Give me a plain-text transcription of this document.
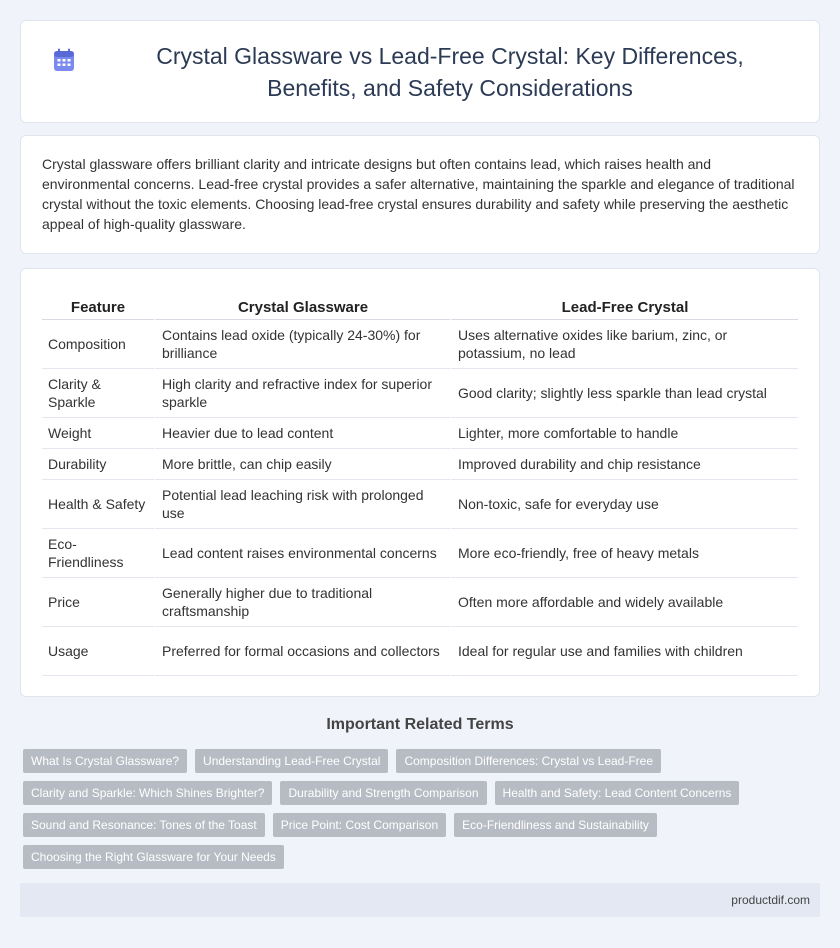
Crystal Glassware vs Lead-Free Crystal: Key Differences, Benefits, and Safety Considerations

Crystal glassware offers brilliant clarity and intricate designs but often contains lead, which raises health and environmental concerns. Lead-free crystal provides a safer alternative, maintaining the sparkle and elegance of traditional crystal without the toxic elements. Choosing lead-free crystal ensures durability and safety while preserving the aesthetic appeal of high-quality glassware.

Feature	Crystal Glassware	Lead-Free Crystal
Composition	Contains lead oxide (typically 24-30%) for brilliance	Uses alternative oxides like barium, zinc, or potassium, no lead
Clarity & Sparkle	High clarity and refractive index for superior sparkle	Good clarity; slightly less sparkle than lead crystal
Weight	Heavier due to lead content	Lighter, more comfortable to handle
Durability	More brittle, can chip easily	Improved durability and chip resistance
Health & Safety	Potential lead leaching risk with prolonged use	Non-toxic, safe for everyday use
Eco-Friendliness	Lead content raises environmental concerns	More eco-friendly, free of heavy metals
Price	Generally higher due to traditional craftsmanship	Often more affordable and widely available
Usage	Preferred for formal occasions and collectors	Ideal for regular use and families with children
Important Related Terms
What Is Crystal Glassware?	Understanding Lead-Free Crystal	Composition Differences: Crystal vs Lead-Free
Clarity and Sparkle: Which Shines Brighter?	Durability and Strength Comparison	Health and Safety: Lead Content Concerns
Sound and Resonance: Tones of the Toast	Price Point: Cost Comparison	Eco-Friendliness and Sustainability
Choosing the Right Glassware for Your Needs
productdif.com
